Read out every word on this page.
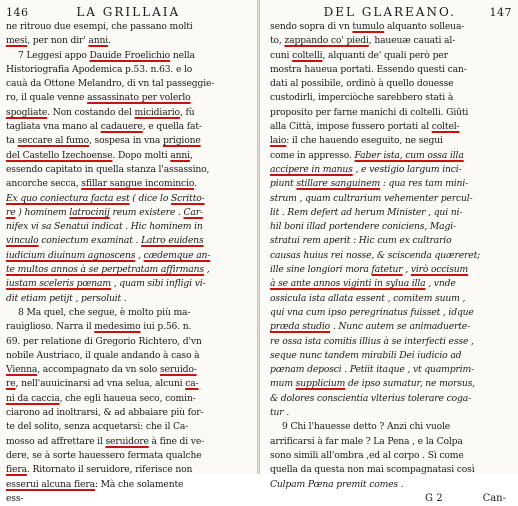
146	LA GRILLAIA
ne ritrouo due esempi, che passano molti
mesi, per non dir' anni.
7 Leggesi appo Dauide Froelichio nella
Historiografia Apodemica p.53. n.63. e lo
cauà da Ottone Melandro, di vn tal passeggie-
ro, il quale venne assassinato per volerlo
spogliate. Non costando del micidiario, fù
tagliata vna mano al cadauere, e quella fat-
ta seccare al fumo, sospesa in vna prigione
del Castello Izechoense. Dopo molti anni,
essendo capitato in quella stanza l'assassino,
ancorche secca, sfillar sangue incomincio.
Ex quo coniectura facta est ( dice lo Scritto-
re ) hominem latrocinij reum existere . Car-
nifex vi sa Senatui indicat . Hic hominem in
vinculo coniectum examinat . Latro euidens
iudicium diuinum agnoscens , cædemque an-
te multos annos à se perpetratam affirmans ,
iustam sceleris pœnam , quam sibi infligi vi-
dit etiam petijt , persoluit .
8 Ma quel, che segue, è molto più ma-
rauiglioso. Narra il medesimo iui p.56. n.
69. per relatione di Gregorio Richtero, d'vn
nobile Austriaco, il quale andando à caso à
Vienna, accompagnato da vn solo seruido-
re, nell'auuicinarsi ad vna selua, alcuni ca-
ni da caccia, che egli haueua seco, comin-
ciarono ad inoltrarsi, & ad abbaiare più for-
te del solito, senza acquetarsi: che il Ca-
mosso ad affrettare il seruidore à fine di ve-
dere, se à sorte hauessero fermata qualche
fiera. Ritornato il seruidore, riferisce non
esserui alcuna fiera: Mà che solamente
ess-
DEL GLAREANO.	147
sendo sopra di vn tumulo alquanto solleua-
to, zappando co' piedi, haueuæ cauati al-
cuni coltelli, alquanti de' quali però per
mostra haueua portati. Essendo questi can-
dati al possibile, ordinò à quello douesse
custodirli, imperciòche sarebbero stati à
proposito per farne manichi di coltelli. Giūti
alla Città, impose fussero portati al coltel-
laio: il che hauendo eseguito, ne segui
come in appresso. Faber ista, cum ossa illa
accipere in manus , e vestigio largum inci-
piunt stillare sanguinem : qua res tam mini-
strum , quam cultrarium vehementer percul-
lit . Rem defert ad herum Minister , qui ni-
hil boni illad portendere coniciens, Magi-
stratui rem aperit : Hic cum ex cultrario
causas huius rei nosse, & sciscenda quæreret;
ille sine longiori mora fatetur , virò occisum
à se ante annos viginti in sylua illa , vnde
ossicula ista allata essent , comitem suum ,
qui vna cum ipso peregrinatus fuisset , idque
præda studio . Nunc autem se animaduerte-
re ossa ista comitis illius à se interfecti esse ,
seque nunc tandem mirabili Dei iudicio ad
pœnam deposci . Petiit itaque , vt quamprim-
mum supplicium de ipso sumatur, ne morsus,
& dolores conscientia vlterius tolerare coga-
tur .
9 Chi l'hauesse detto ? Anzi chi vuole
arrificarsi à far male ? La Pena , e la Colpa
sono simili all'ombra ,ed al corpo . Sì come
quella da questa non mai scompagnatasi così
Culpam Pœna premit comes .
G 2	Can-
